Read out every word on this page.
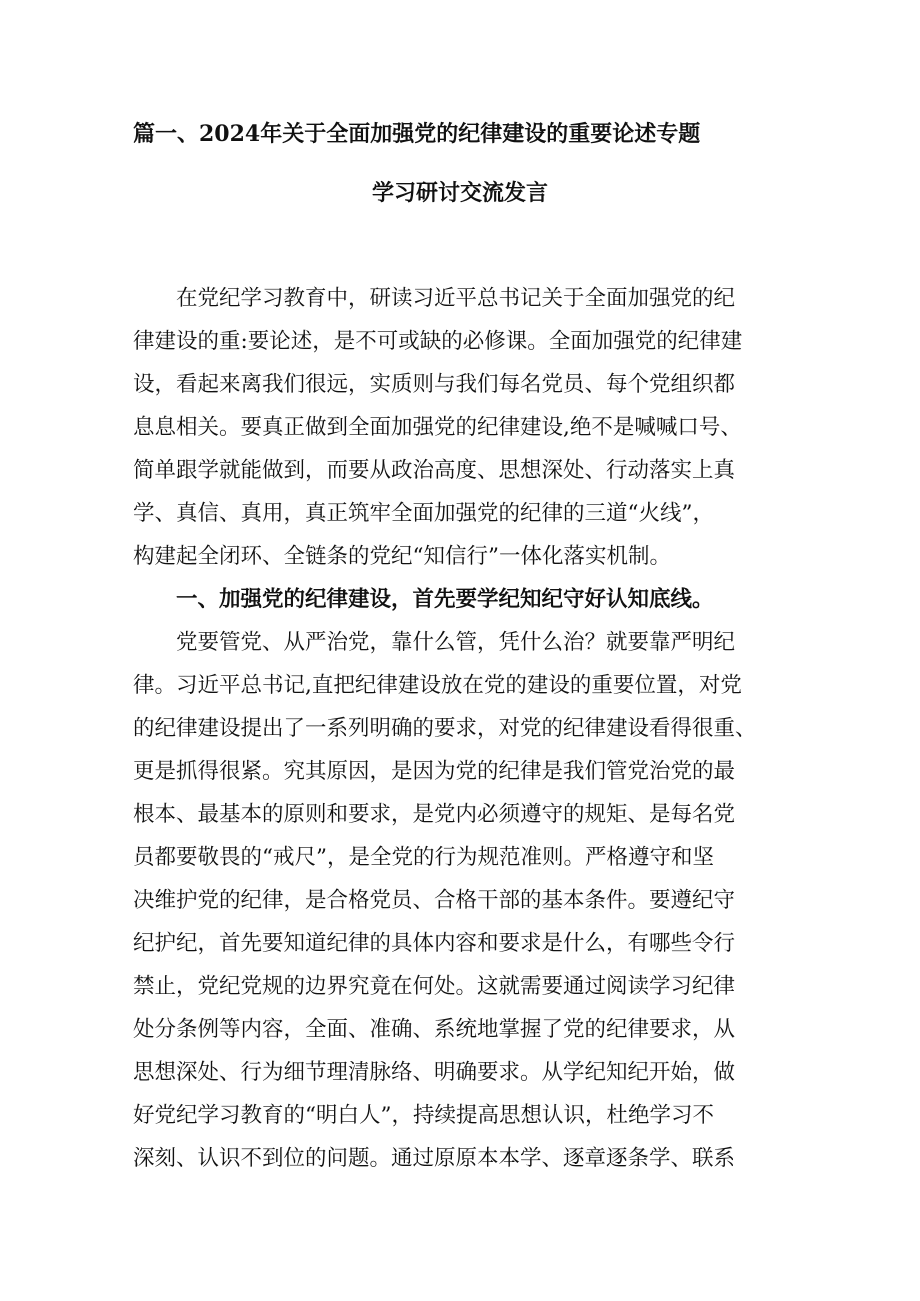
篇一、2024年关于全面加强党的纪律建设的重要论述专题
学习研讨交流发言
在党纪学习教育中，研读习近平总书记关于全面加强党的纪
律建设的重:要论述，是不可或缺的必修课。全面加强党的纪律建
设，看起来离我们很远，实质则与我们每名党员、每个党组织都
息息相关。要真正做到全面加强党的纪律建设,绝不是喊喊口号、
简单跟学就能做到，而要从政治高度、思想深处、行动落实上真
学、真信、真用，真正筑牢全面加强党的纪律的三道“火线”，
构建起全闭环、全链条的党纪“知信行”一体化落实机制。
一、加强党的纪律建设，首先要学纪知纪守好认知底线。
党要管党、从严治党，靠什么管，凭什么治？就要靠严明纪
律。习近平总书记,直把纪律建设放在党的建设的重要位置，对党
的纪律建设提出了一系列明确的要求，对党的纪律建设看得很重、
更是抓得很紧。究其原因，是因为党的纪律是我们管党治党的最
根本、最基本的原则和要求，是党内必须遵守的规矩、是每名党
员都要敬畏的“戒尺”，是全党的行为规范准则。严格遵守和坚
决维护党的纪律，是合格党员、合格干部的基本条件。要遵纪守
纪护纪，首先要知道纪律的具体内容和要求是什么，有哪些令行
禁止，党纪党规的边界究竟在何处。这就需要通过阅读学习纪律
处分条例等内容，全面、准确、系统地掌握了党的纪律要求，从
思想深处、行为细节理清脉络、明确要求。从学纪知纪开始，做
好党纪学习教育的“明白人”，持续提高思想认识，杜绝学习不
深刻、认识不到位的问题。通过原原本本学、逐章逐条学、联系
